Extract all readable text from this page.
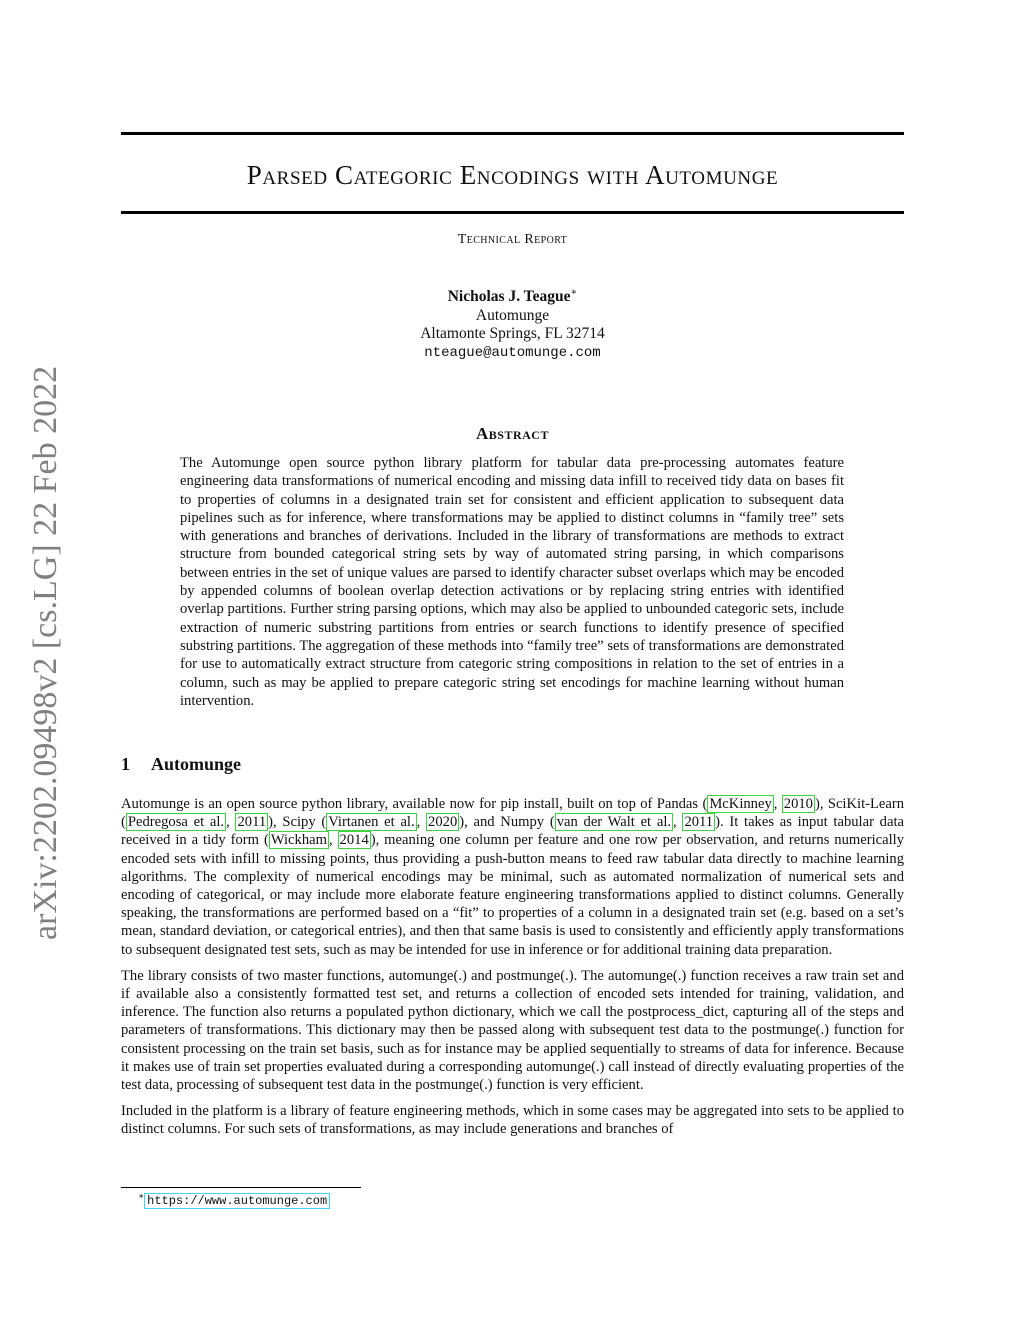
arXiv:2202.09498v2 [cs.LG] 22 Feb 2022
Parsed Categoric Encodings with Automunge
Technical Report
Nicholas J. Teague∗
Automunge
Altamonte Springs, FL 32714
nteague@automunge.com
Abstract

The Automunge open source python library platform for tabular data pre-processing automates feature engineering data transformations of numerical encoding and missing data infill to received tidy data on bases fit to properties of columns in a designated train set for consistent and efficient application to subsequent data pipelines such as for inference, where transformations may be applied to distinct columns in “family tree” sets with generations and branches of derivations. Included in the library of transformations are methods to extract structure from bounded categorical string sets by way of automated string parsing, in which comparisons between entries in the set of unique values are parsed to identify character subset overlaps which may be encoded by appended columns of boolean overlap detection activations or by replacing string entries with identified overlap partitions. Further string parsing options, which may also be applied to unbounded categoric sets, include extraction of numeric substring partitions from entries or search functions to identify presence of specified substring partitions. The aggregation of these methods into “family tree” sets of transformations are demonstrated for use to automatically extract structure from categoric string compositions in relation to the set of entries in a column, such as may be applied to prepare categoric string set encodings for machine learning without human intervention.

1 Automunge

Automunge is an open source python library, available now for pip install, built on top of Pandas ( McKinney , 2010 ), SciKit-Learn ( Pedregosa et al. , 2011 ), Scipy ( Virtanen et al. , 2020 ), and Numpy ( van der Walt et al. , 2011 ). It takes as input tabular data received in a tidy form ( Wickham , 2014 ), meaning one column per feature and one row per observation, and returns numerically encoded sets with infill to missing points, thus providing a push-button means to feed raw tabular data directly to machine learning algorithms. The complexity of numerical encodings may be minimal, such as automated normalization of numerical sets and encoding of categorical, or may include more elaborate feature engineering transformations applied to distinct columns. Generally speaking, the transformations are performed based on a “fit” to properties of a column in a designated train set (e.g. based on a set’s mean, standard deviation, or categorical entries), and then that same basis is used to consistently and efficiently apply transformations to subsequent designated test sets, such as may be intended for use in inference or for additional training data preparation.

The library consists of two master functions, automunge(.) and postmunge(.). The automunge(.) function receives a raw train set and if available also a consistently formatted test set, and returns a collection of encoded sets intended for training, validation, and inference. The function also returns a populated python dictionary, which we call the postprocess_dict, capturing all of the steps and parameters of transformations. This dictionary may then be passed along with subsequent test data to the postmunge(.) function for consistent processing on the train set basis, such as for instance may be applied sequentially to streams of data for inference. Because it makes use of train set properties evaluated during a corresponding automunge(.) call instead of directly evaluating properties of the test data, processing of subsequent test data in the postmunge(.) function is very efficient.

Included in the platform is a library of feature engineering methods, which in some cases may be aggregated into sets to be applied to distinct columns. For such sets of transformations, as may include generations and branches of

∗ https://www.automunge.com
